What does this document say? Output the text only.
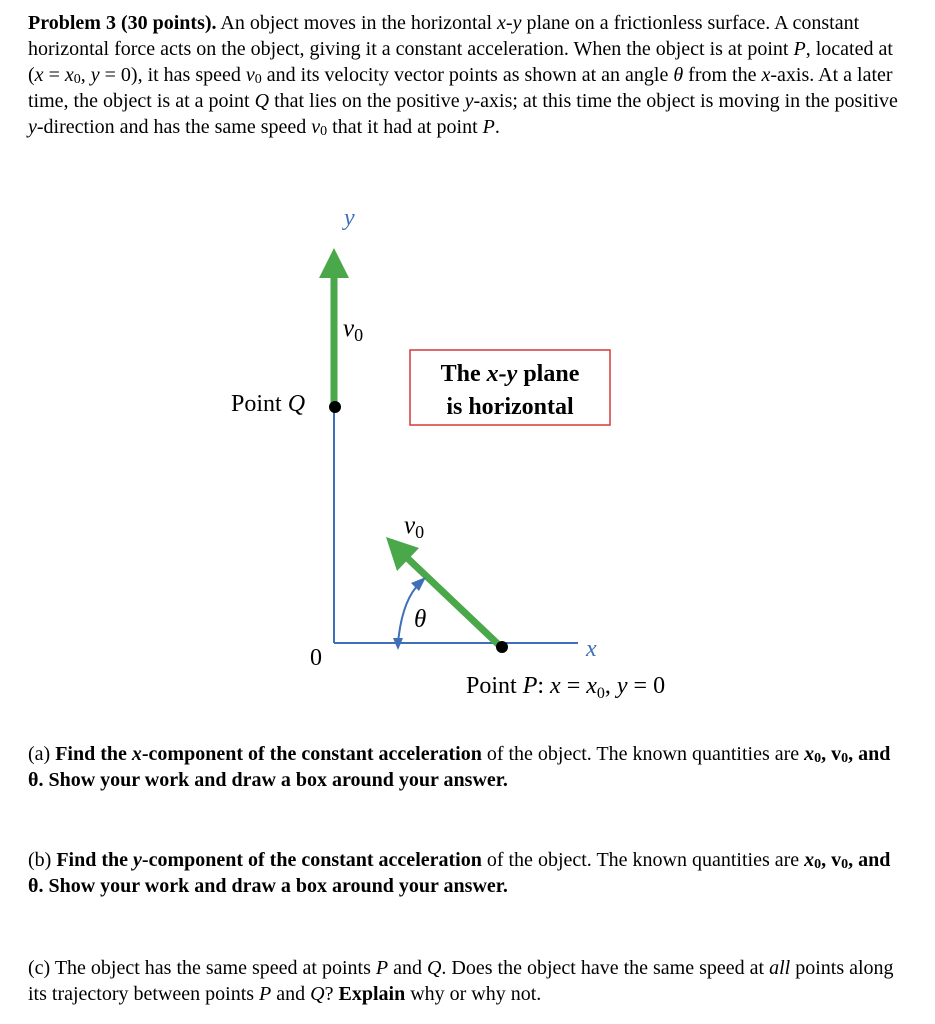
Problem 3 (30 points). An object moves in the horizontal x-y plane on a frictionless surface. A constant horizontal force acts on the object, giving it a constant acceleration. When the object is at point P, located at ($x = x_0$, y = 0), it has speed $v_0$ and its velocity vector points as shown at an angle θ from the x-axis. At a later time, the object is at a point Q that lies on the positive y-axis; at this time the object is moving in the positive y-direction and has the same speed $v_0$ that it had at point P.

y
x
0
$v_0$
$v_0$
θ
Point Q
Point P: $x = x_0$, y = 0
The x-y plane
is horizontal

(a) Find the x-component of the constant acceleration of the object. The known quantities are $x_0$, $v_0$, and θ. Show your work and draw a box around your answer.

(b) Find the y-component of the constant acceleration of the object. The known quantities are $x_0$, $v_0$, and θ. Show your work and draw a box around your answer.

(c) The object has the same speed at points P and Q. Does the object have the same speed at all points along its trajectory between points P and Q? Explain why or why not.
